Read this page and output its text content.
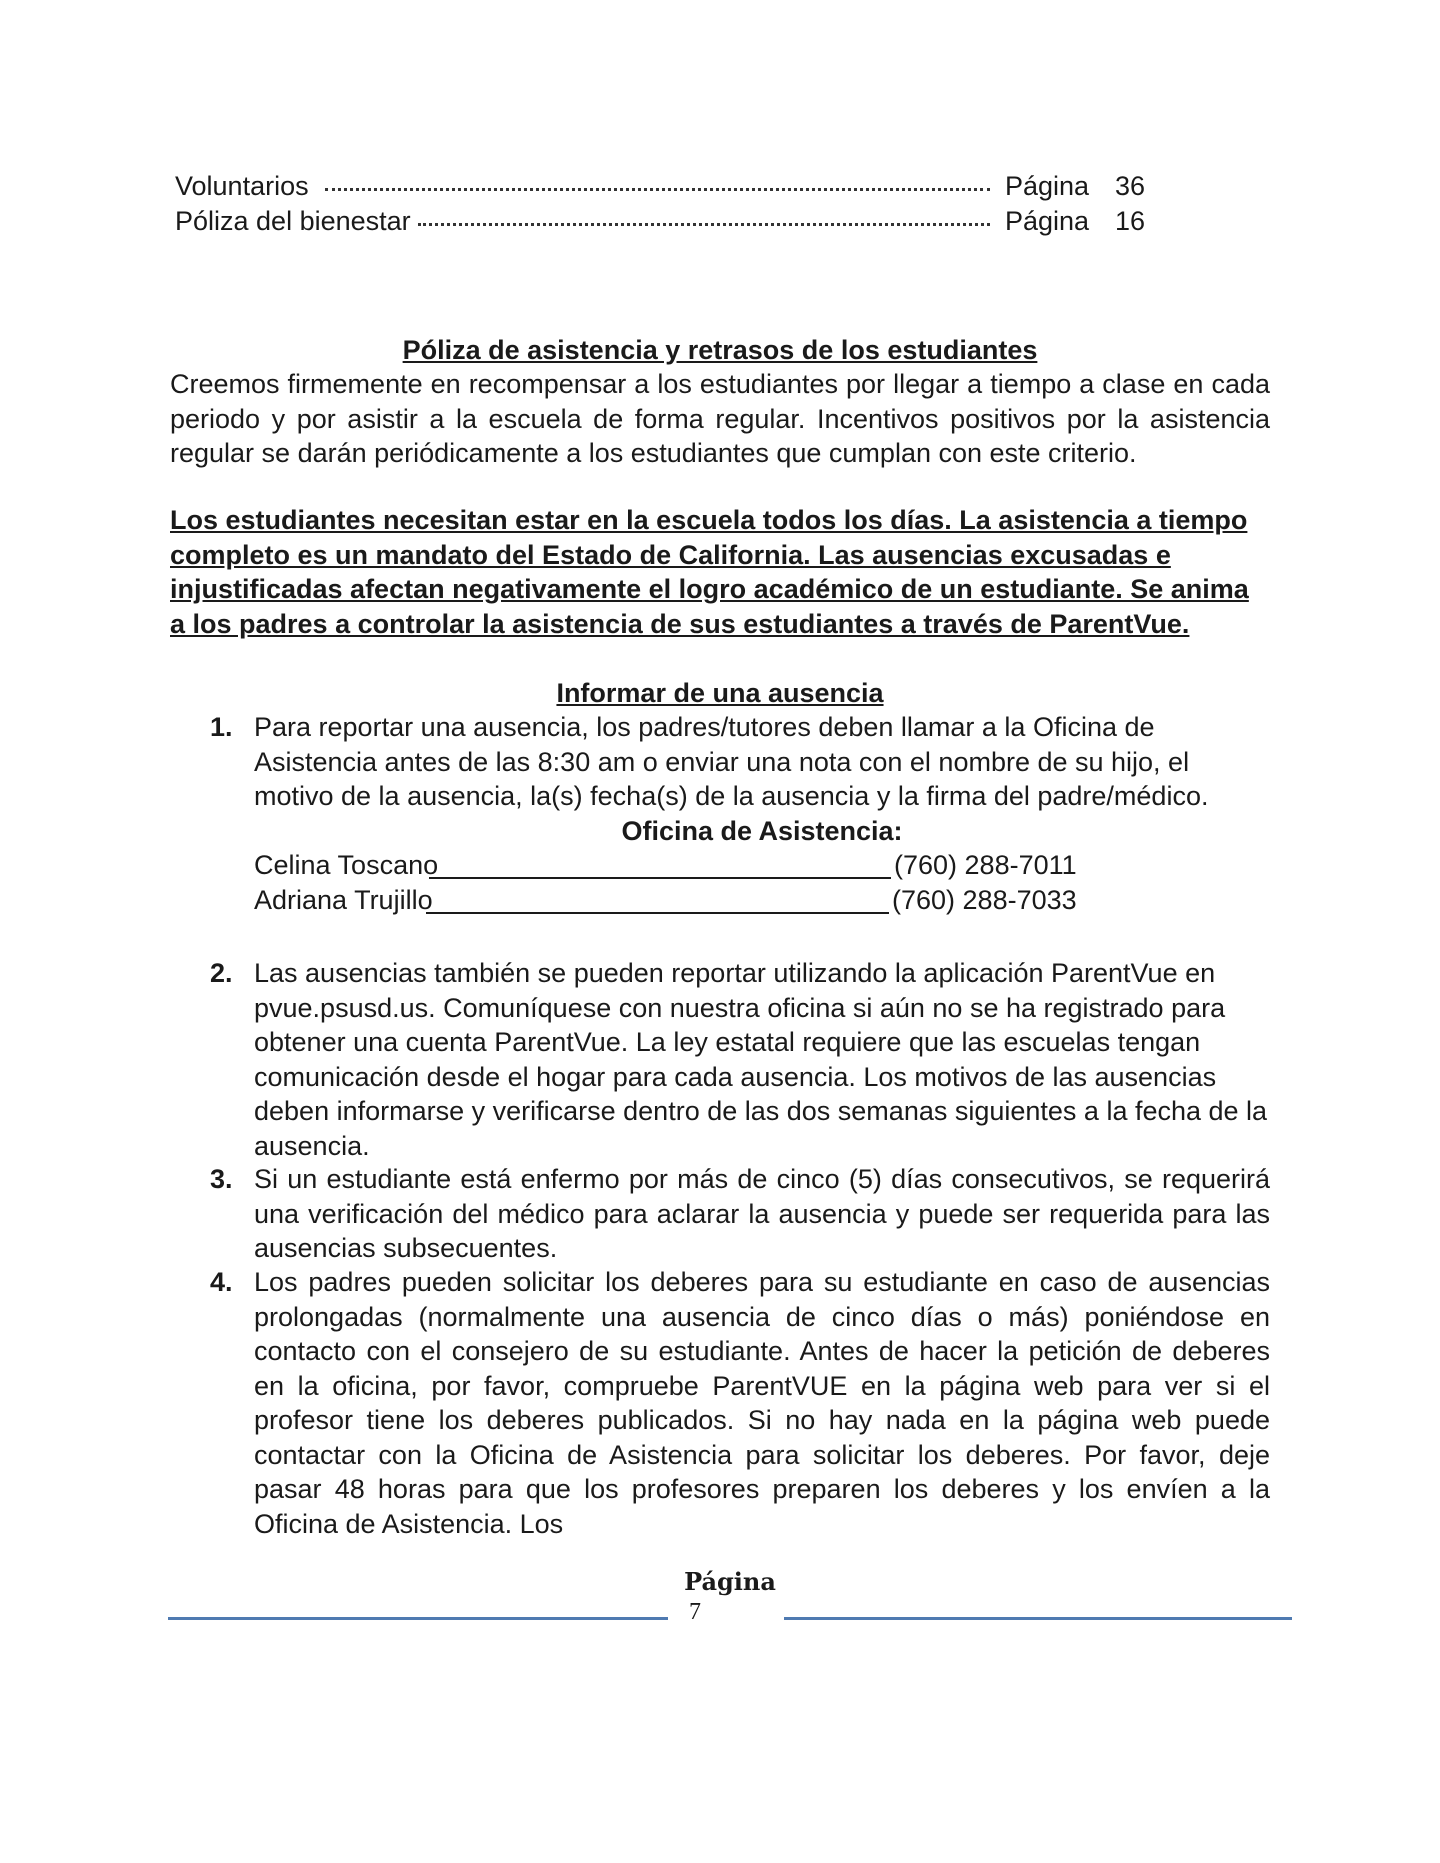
Voluntarios	Página 36
Póliza del bienestar	Página 16
Póliza de asistencia y retrasos de los estudiantes
Creemos firmemente en recompensar a los estudiantes por llegar a tiempo a clase en cada periodo y por asistir a la escuela de forma regular. Incentivos positivos por la asistencia regular se darán periódicamente a los estudiantes que cumplan con este criterio.
Los estudiantes necesitan estar en la escuela todos los días. La asistencia a tiempo completo es un mandato del Estado de California. Las ausencias excusadas e injustificadas afectan negativamente el logro académico de un estudiante. Se anima a los padres a controlar la asistencia de sus estudiantes a través de ParentVue.
Informar de una ausencia
1. Para reportar una ausencia, los padres/tutores deben llamar a la Oficina de Asistencia antes de las 8:30 am o enviar una nota con el nombre de su hijo, el motivo de la ausencia, la(s) fecha(s) de la ausencia y la firma del padre/médico.
Oficina de Asistencia:
Celina Toscano	(760) 288-7011
Adriana Trujillo	(760) 288-7033
2. Las ausencias también se pueden reportar utilizando la aplicación ParentVue en pvue.psusd.us. Comuníquese con nuestra oficina si aún no se ha registrado para obtener una cuenta ParentVue. La ley estatal requiere que las escuelas tengan comunicación desde el hogar para cada ausencia. Los motivos de las ausencias deben informarse y verificarse dentro de las dos semanas siguientes a la fecha de la ausencia.
3. Si un estudiante está enfermo por más de cinco (5) días consecutivos, se requerirá una verificación del médico para aclarar la ausencia y puede ser requerida para las ausencias subsecuentes.
4. Los padres pueden solicitar los deberes para su estudiante en caso de ausencias prolongadas (normalmente una ausencia de cinco días o más) poniéndose en contacto con el consejero de su estudiante. Antes de hacer la petición de deberes en la oficina, por favor, compruebe ParentVUE en la página web para ver si el profesor tiene los deberes publicados. Si no hay nada en la página web puede contactar con la Oficina de Asistencia para solicitar los deberes. Por favor, deje pasar 48 horas para que los profesores preparen los deberes y los envíen a la Oficina de Asistencia. Los
Página
7
